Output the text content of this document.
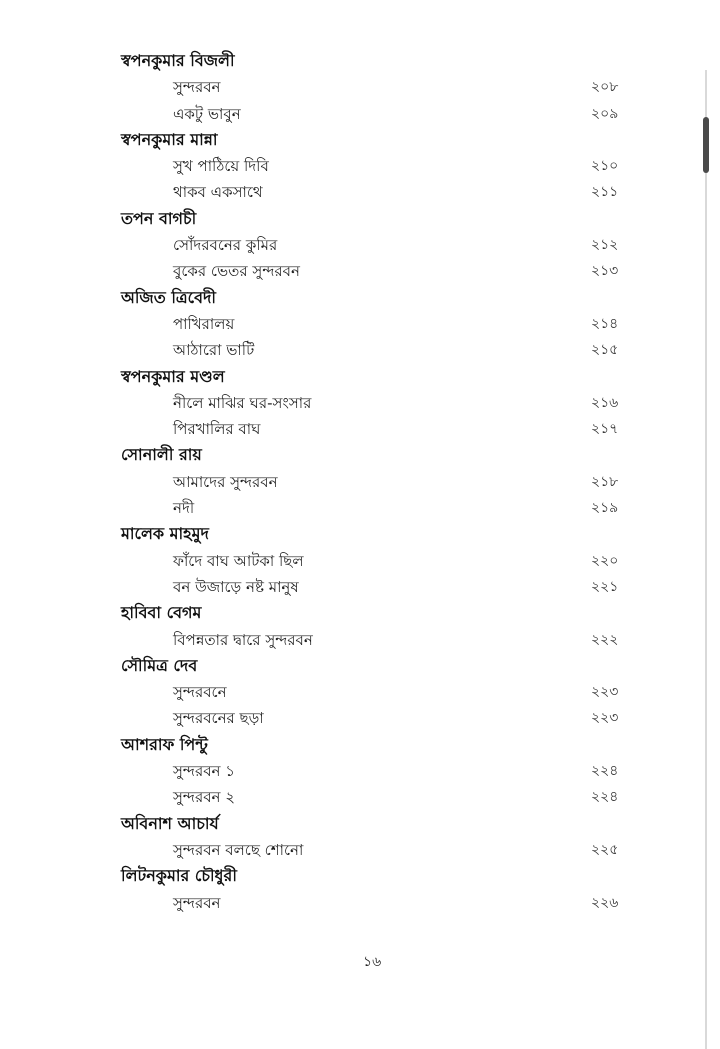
স্বপনকুমার বিজলী
সুন্দরবন	২০৮
একটু ভাবুন	২০৯
স্বপনকুমার মান্না
সুখ পাঠিয়ে দিবি	২১০
থাকব একসাথে	২১১
তপন বাগচী
সোঁদরবনের কুমির	২১২
বুকের ভেতর সুন্দরবন	২১৩
অজিত ত্রিবেদী
পাখিরালয়	২১৪
আঠারো ভাটি	২১৫
স্বপনকুমার মণ্ডল
নীলে মাঝির ঘর-সংসার	২১৬
পিরখালির বাঘ	২১৭
সোনালী রায়
আমাদের সুন্দরবন	২১৮
নদী	২১৯
মালেক মাহমুদ
ফাঁদে বাঘ আটকা ছিল	২২০
বন উজাড়ে নষ্ট মানুষ	২২১
হাবিবা বেগম
বিপন্নতার দ্বারে সুন্দরবন	২২২
সৌমিত্র দেব
সুন্দরবনে	২২৩
সুন্দরবনের ছড়া	২২৩
আশরাফ পিন্টু
সুন্দরবন ১	২২৪
সুন্দরবন ২	২২৪
অবিনাশ আচার্য
সুন্দরবন বলছে শোনো	২২৫
লিটনকুমার চৌধুরী
সুন্দরবন	২২৬
১৬
